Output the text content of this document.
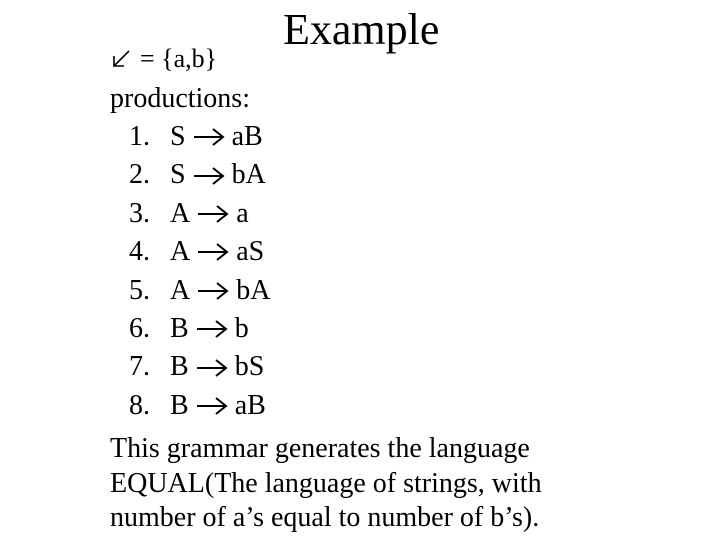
Example
= {a,b}
productions:
1. S aB
2. S bA
3. A a
4. A aS
5. A bA
6. B b
7. B bS
8. B aB
This grammar generates the language
EQUAL(The language of strings, with
number of a’s equal to number of b’s).
